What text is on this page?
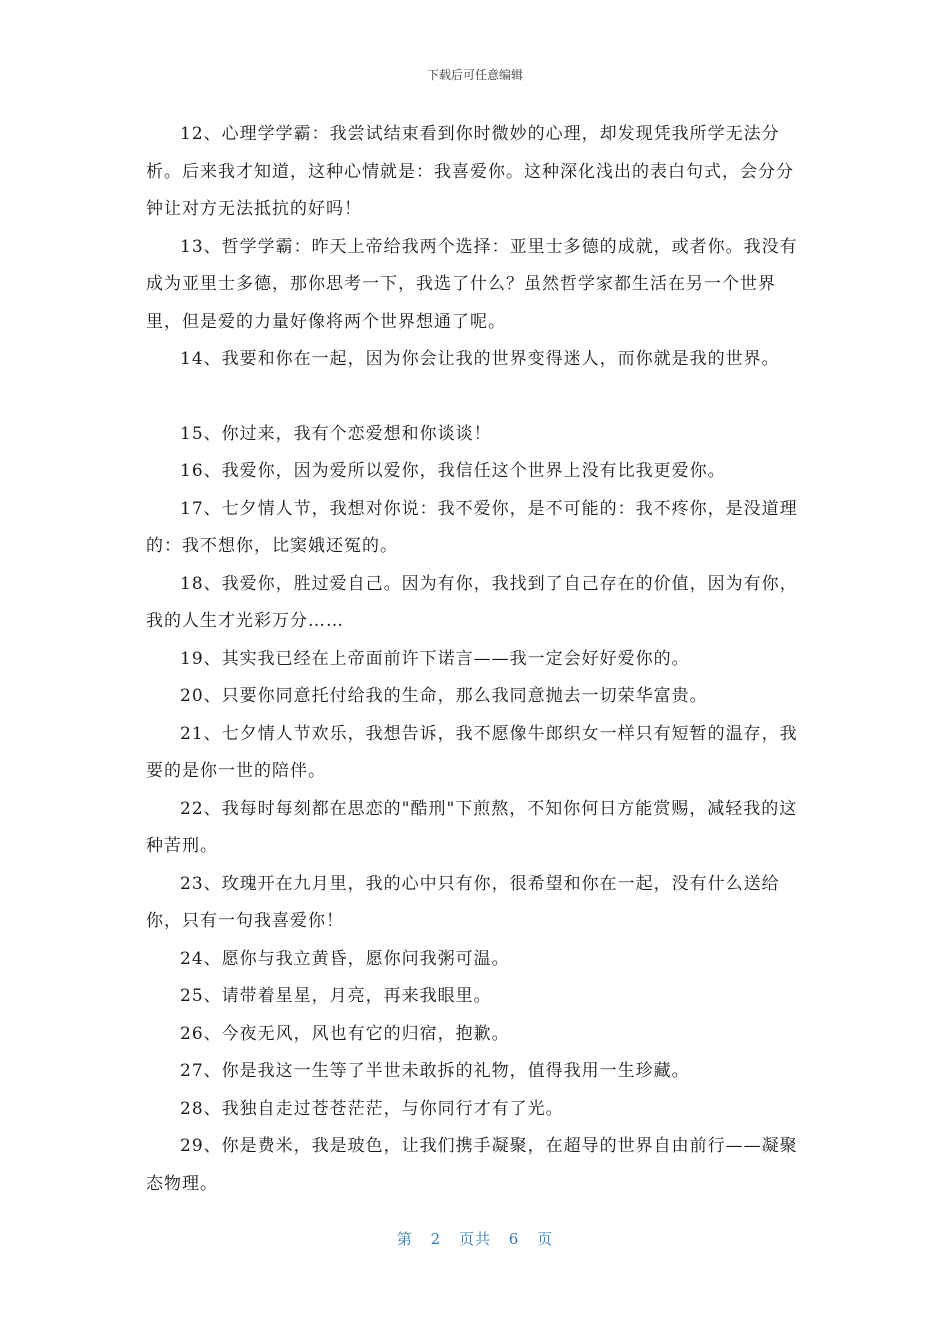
下载后可任意编辑

12、心理学学霸：我尝试结束看到你时微妙的心理，却发现凭我所学无法分析。后来我才知道，这种心情就是：我喜爱你。这种深化浅出的表白句式，会分分钟让对方无法抵抗的好吗！

13、哲学学霸：昨天上帝给我两个选择：亚里士多德的成就，或者你。我没有成为亚里士多德，那你思考一下，我选了什么？虽然哲学家都生活在另一个世界里，但是爱的力量好像将两个世界想通了呢。

14、我要和你在一起，因为你会让我的世界变得迷人，而你就是我的世界。

15、你过来，我有个恋爱想和你谈谈！

16、我爱你，因为爱所以爱你，我信任这个世界上没有比我更爱你。

17、七夕情人节，我想对你说：我不爱你，是不可能的：我不疼你，是没道理的：我不想你，比窦娥还冤的。

18、我爱你，胜过爱自己。因为有你，我找到了自己存在的价值，因为有你，我的人生才光彩万分……

19、其实我已经在上帝面前许下诺言——我一定会好好爱你的。

20、只要你同意托付给我的生命，那么我同意抛去一切荣华富贵。

21、七夕情人节欢乐，我想告诉，我不愿像牛郎织女一样只有短暂的温存，我要的是你一世的陪伴。

22、我每时每刻都在思恋的"酷刑"下煎熬，不知你何日方能赏赐，减轻我的这种苦刑。

23、玫瑰开在九月里，我的心中只有你，很希望和你在一起，没有什么送给你，只有一句我喜爱你！

24、愿你与我立黄昏，愿你问我粥可温。

25、请带着星星，月亮，再来我眼里。

26、今夜无风，风也有它的归宿，抱歉。

27、你是我这一生等了半世未敢拆的礼物，值得我用一生珍藏。

28、我独自走过苍苍茫茫，与你同行才有了光。

29、你是费米，我是玻色，让我们携手凝聚，在超导的世界自由前行——凝聚态物理。

第 2 页共 6 页
